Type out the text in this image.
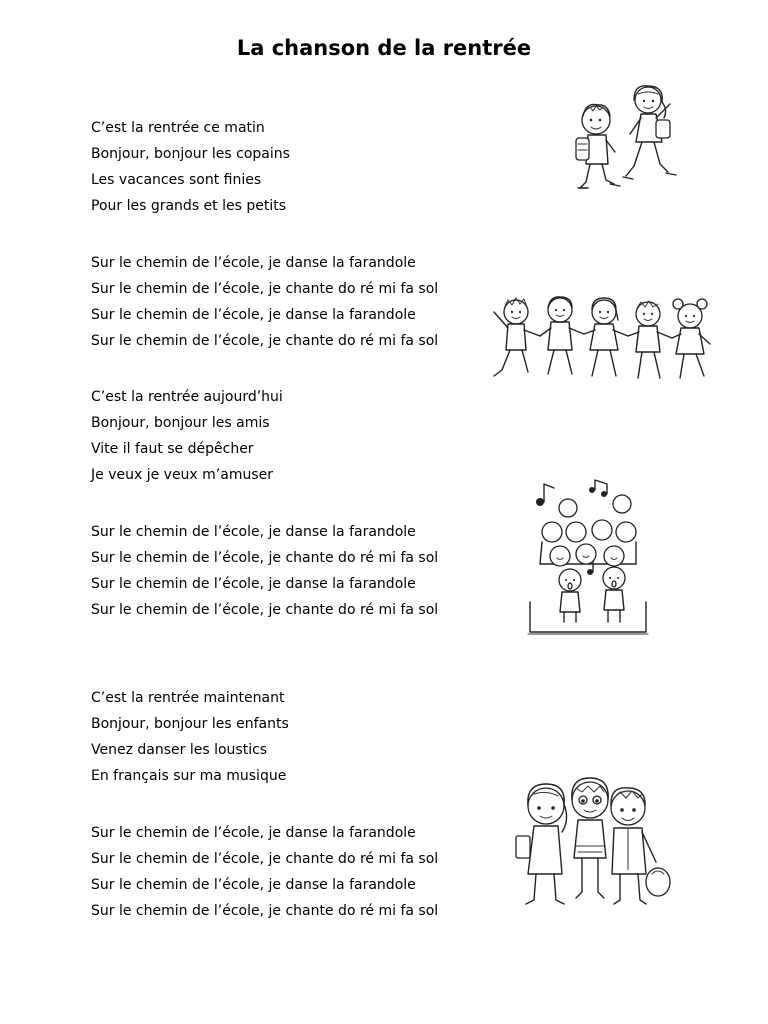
La chanson de la rentrée
C’est la rentrée ce matin
Bonjour, bonjour les copains
Les vacances sont finies
Pour les grands et les petits
Sur le chemin de l’école, je danse la farandole
Sur le chemin de l’école, je chante do ré mi fa sol
Sur le chemin de l’école, je danse la farandole
Sur le chemin de l’école, je chante do ré mi fa sol
C’est la rentrée aujourd’hui
Bonjour, bonjour les amis
Vite il faut se dépêcher
Je veux je veux m’amuser
Sur le chemin de l’école, je danse la farandole
Sur le chemin de l’école, je chante do ré mi fa sol
Sur le chemin de l’école, je danse la farandole
Sur le chemin de l’école, je chante do ré mi fa sol
C’est la rentrée maintenant
Bonjour, bonjour les enfants
Venez danser les loustics
En français sur ma musique
Sur le chemin de l’école, je danse la farandole
Sur le chemin de l’école, je chante do ré mi fa sol
Sur le chemin de l’école, je danse la farandole
Sur le chemin de l’école, je chante do ré mi fa sol
